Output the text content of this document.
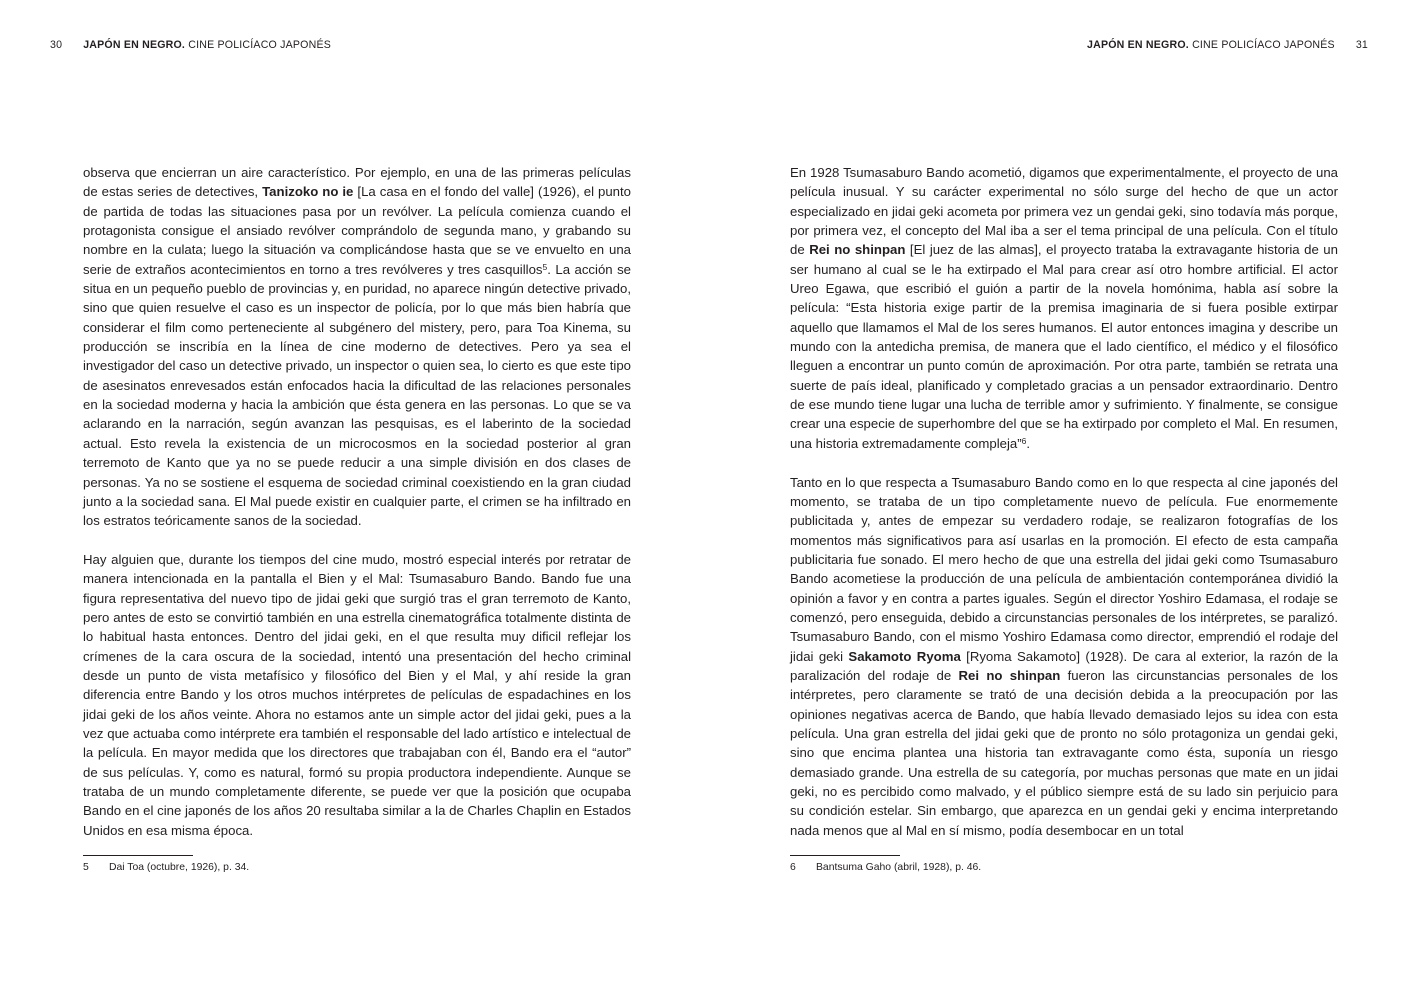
30 JAPÓN EN NEGRO. CINE POLICÍACO JAPONÉS	JAPÓN EN NEGRO. CINE POLICÍACO JAPONÉS 31

observa que encierran un aire característico. Por ejemplo, en una de las primeras películas de estas series de detectives, Tanizoko no ie [La casa en el fondo del valle] (1926), el punto de partida de todas las situaciones pasa por un revólver. La película comienza cuando el protagonista consigue el ansiado revólver comprándolo de segunda mano, y grabando su nombre en la culata; luego la situación va complicándose hasta que se ve envuelto en una serie de extraños acontecimientos en torno a tres revólveres y tres casquillos$^5$. La acción se situa en un pequeño pueblo de provincias y, en puridad, no aparece ningún detective privado, sino que quien resuelve el caso es un inspector de policía, por lo que más bien habría que considerar el film como perteneciente al subgénero del mistery, pero, para Toa Kinema, su producción se inscribía en la línea de cine moderno de detectives. Pero ya sea el investigador del caso un detective privado, un inspector o quien sea, lo cierto es que este tipo de asesinatos enrevesados están enfocados hacia la dificultad de las relaciones personales en la sociedad moderna y hacia la ambición que ésta genera en las personas. Lo que se va aclarando en la narración, según avanzan las pesquisas, es el laberinto de la sociedad actual. Esto revela la existencia de un microcosmos en la sociedad posterior al gran terremoto de Kanto que ya no se puede reducir a una simple división en dos clases de personas. Ya no se sostiene el esquema de sociedad criminal coexistiendo en la gran ciudad junto a la sociedad sana. El Mal puede existir en cualquier parte, el crimen se ha infiltrado en los estratos teóricamente sanos de la sociedad.

Hay alguien que, durante los tiempos del cine mudo, mostró especial interés por retratar de manera intencionada en la pantalla el Bien y el Mal: Tsumasaburo Bando. Bando fue una figura representativa del nuevo tipo de jidai geki que surgió tras el gran terremoto de Kanto, pero antes de esto se convirtió también en una estrella cinematográfica totalmente distinta de lo habitual hasta entonces. Dentro del jidai geki, en el que resulta muy dificil reflejar los crímenes de la cara oscura de la sociedad, intentó una presentación del hecho criminal desde un punto de vista metafísico y filosófico del Bien y el Mal, y ahí reside la gran diferencia entre Bando y los otros muchos intérpretes de películas de espadachines en los jidai geki de los años veinte. Ahora no estamos ante un simple actor del jidai geki, pues a la vez que actuaba como intérprete era también el responsable del lado artístico e intelectual de la película. En mayor medida que los directores que trabajaban con él, Bando era el “autor” de sus películas. Y, como es natural, formó su propia productora independiente. Aunque se trataba de un mundo completamente diferente, se puede ver que la posición que ocupaba Bando en el cine japonés de los años 20 resultaba similar a la de Charles Chaplin en Estados Unidos en esa misma época.

En 1928 Tsumasaburo Bando acometió, digamos que experimentalmente, el proyecto de una película inusual. Y su carácter experimental no sólo surge del hecho de que un actor especializado en jidai geki acometa por primera vez un gendai geki, sino todavía más porque, por primera vez, el concepto del Mal iba a ser el tema principal de una película. Con el título de Rei no shinpan [El juez de las almas], el proyecto trataba la extravagante historia de un ser humano al cual se le ha extirpado el Mal para crear así otro hombre artificial. El actor Ureo Egawa, que escribió el guión a partir de la novela homónima, habla así sobre la película: “Esta historia exige partir de la premisa imaginaria de si fuera posible extirpar aquello que llamamos el Mal de los seres humanos. El autor entonces imagina y describe un mundo con la antedicha premisa, de manera que el lado científico, el médico y el filosófico lleguen a encontrar un punto común de aproximación. Por otra parte, también se retrata una suerte de país ideal, planificado y completado gracias a un pensador extraordinario. Dentro de ese mundo tiene lugar una lucha de terrible amor y sufrimiento. Y finalmente, se consigue crear una especie de superhombre del que se ha extirpado por completo el Mal. En resumen, una historia extremadamente compleja”$^6$.

Tanto en lo que respecta a Tsumasaburo Bando como en lo que respecta al cine japonés del momento, se trataba de un tipo completamente nuevo de película. Fue enormemente publicitada y, antes de empezar su verdadero rodaje, se realizaron fotografías de los momentos más significativos para así usarlas en la promoción. El efecto de esta campaña publicitaria fue sonado. El mero hecho de que una estrella del jidai geki como Tsumasaburo Bando acometiese la producción de una película de ambientación contemporánea dividió la opinión a favor y en contra a partes iguales. Según el director Yoshiro Edamasa, el rodaje se comenzó, pero enseguida, debido a circunstancias personales de los intérpretes, se paralizó. Tsumasaburo Bando, con el mismo Yoshiro Edamasa como director, emprendió el rodaje del jidai geki Sakamoto Ryoma [Ryoma Sakamoto] (1928). De cara al exterior, la razón de la paralización del rodaje de Rei no shinpan fueron las circunstancias personales de los intérpretes, pero claramente se trató de una decisión debida a la preocupación por las opiniones negativas acerca de Bando, que había llevado demasiado lejos su idea con esta película. Una gran estrella del jidai geki que de pronto no sólo protagoniza un gendai geki, sino que encima plantea una historia tan extravagante como ésta, suponía un riesgo demasiado grande. Una estrella de su categoría, por muchas personas que mate en un jidai geki, no es percibido como malvado, y el público siempre está de su lado sin perjuicio para su condición estelar. Sin embargo, que aparezca en un gendai geki y encima interpretando nada menos que al Mal en sí mismo, podía desembocar en un total

5	Dai Toa (octubre, 1926), p. 34.	6	Bantsuma Gaho (abril, 1928), p. 46.
